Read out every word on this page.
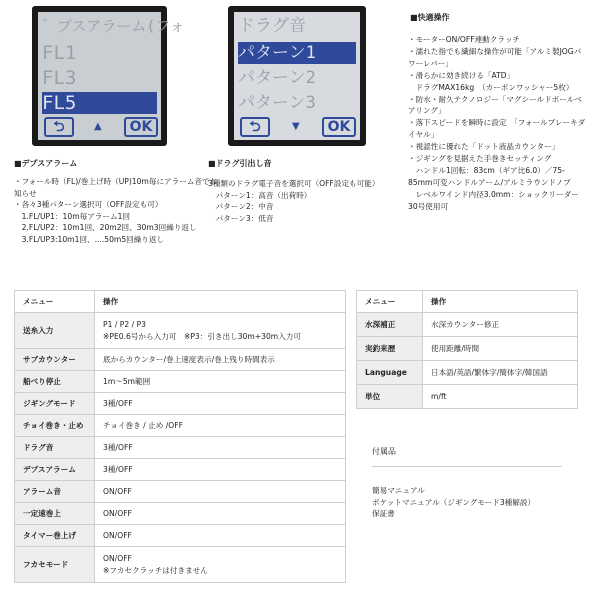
゛プスアラーム(フォ
FL1
FL3
FL5
⮌	▲	OK
ドラグ音
パターン1
パターン2
パターン3
⮌	▼	OK
■快適操作
・モーターON/OFF連動クラッチ
・濡れた指でも繊細な操作が可能「アルミ製JOGパワーレバー」
・滑らかに効き続ける「ATD」
　ドラグMAX16kg　（カーボンワッシャー5枚）
・防水・耐久テクノロジー「マグシールドボールベアリング」
・落下スピードを瞬時に設定　「フォールブレーキダイヤル」
・視認性に優れた「ドット液晶カウンター」
・ジギングを見据えた手巻きセッティング
　ハンドル1回転：83cm（ギア比6.0）／75-85mm可変ハンドルアーム/アルミラウンドノブ
　レベルワインド内径3.0mm：ショックリーダー30号使用可
■デプスアラーム
・フォール時（FL)/巻上げ時（UP)10m毎にアラーム音でお知らせ
・各々3種パターン選択可（OFF設定も可）
　1.FL/UP1：10m毎アラーム1回
　2.FL/UP2：10m1回、20m2回、30m3回繰り返し
　3.FL/UP3:10m1回、....50m5回繰り返し
■ドラグ引出し音
3種類のドラグ電子音を選択可（OFF設定も可能）
　パターン1：高音（出荷時）
　パターン2：中音
　パターン3：低音
メニュー	操作
送糸入力	P1 / P2 / P3
※PE0.6号から入力可　※P3：引き出し30m+30m入力可
サブカウンター	底からカウンター/巻上速度表示/巻上残り時間表示
船べり停止	1m〜5m範囲
ジギングモード	3種/OFF
チョイ巻き・止め	チョイ巻き / 止め /OFF
ドラグ音	3種/OFF
デプスアラーム	3種/OFF
アラーム音	ON/OFF
一定速巻上	ON/OFF
タイマー巻上げ	ON/OFF
フカセモード	ON/OFF
※フカセクラッチは付きません
メニュー	操作
水深補正	水深カウンター修正
実釣来歴	使用距離/時間
Language	日本語/英語/繁体字/簡体字/韓国語
単位	m/ft
付属品
簡易マニュアル
ポケットマニュアル（ジギングモード3種解説）
保証書
